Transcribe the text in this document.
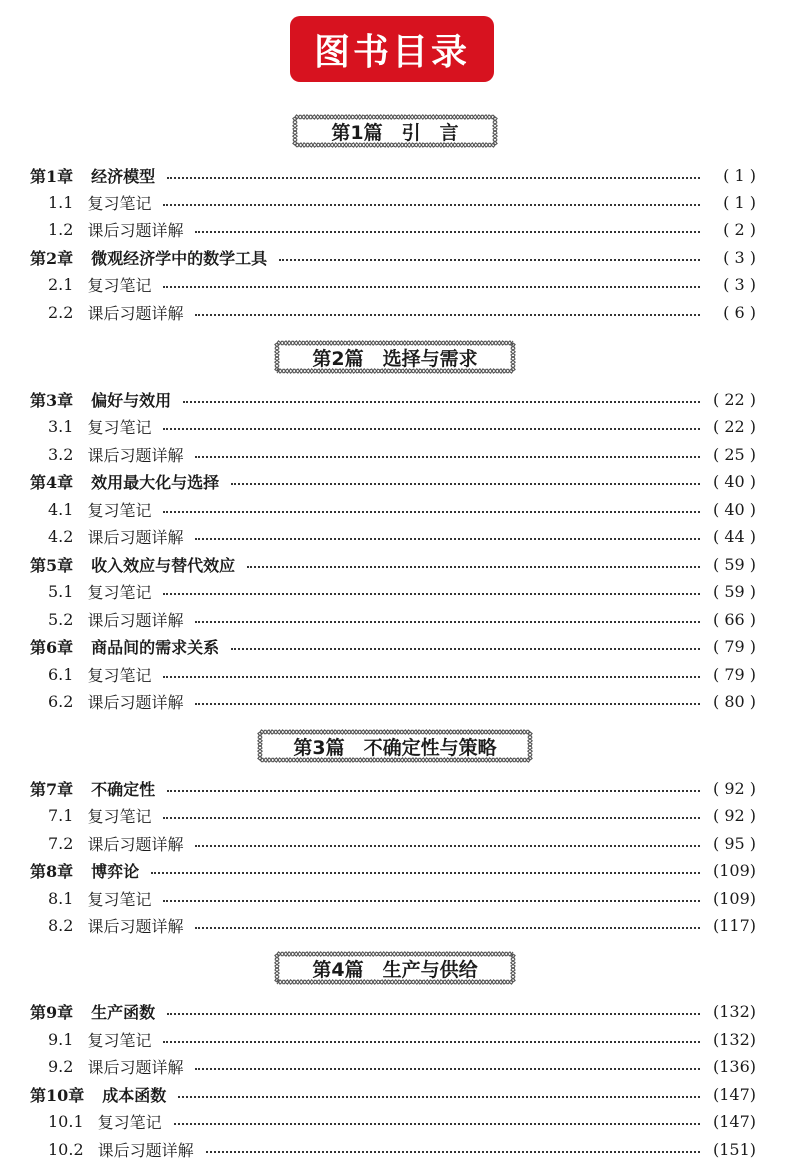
图书目录
第1篇　引　言
第2篇　选择与需求
第3篇　不确定性与策略
第4篇　生产与供给
第1章 经济模型	( 1 )
1.1 复习笔记	( 1 )
1.2 课后习题详解	( 2 )
第2章 微观经济学中的数学工具	( 3 )
2.1 复习笔记	( 3 )
2.2 课后习题详解	( 6 )
第3章 偏好与效用	( 22 )
3.1 复习笔记	( 22 )
3.2 课后习题详解	( 25 )
第4章 效用最大化与选择	( 40 )
4.1 复习笔记	( 40 )
4.2 课后习题详解	( 44 )
第5章 收入效应与替代效应	( 59 )
5.1 复习笔记	( 59 )
5.2 课后习题详解	( 66 )
第6章 商品间的需求关系	( 79 )
6.1 复习笔记	( 79 )
6.2 课后习题详解	( 80 )
第7章 不确定性	( 92 )
7.1 复习笔记	( 92 )
7.2 课后习题详解	( 95 )
第8章 博弈论	(109)
8.1 复习笔记	(109)
8.2 课后习题详解	(117)
第9章 生产函数	(132)
9.1 复习笔记	(132)
9.2 课后习题详解	(136)
第10章 成本函数	(147)
10.1 复习笔记	(147)
10.2 课后习题详解	(151)
